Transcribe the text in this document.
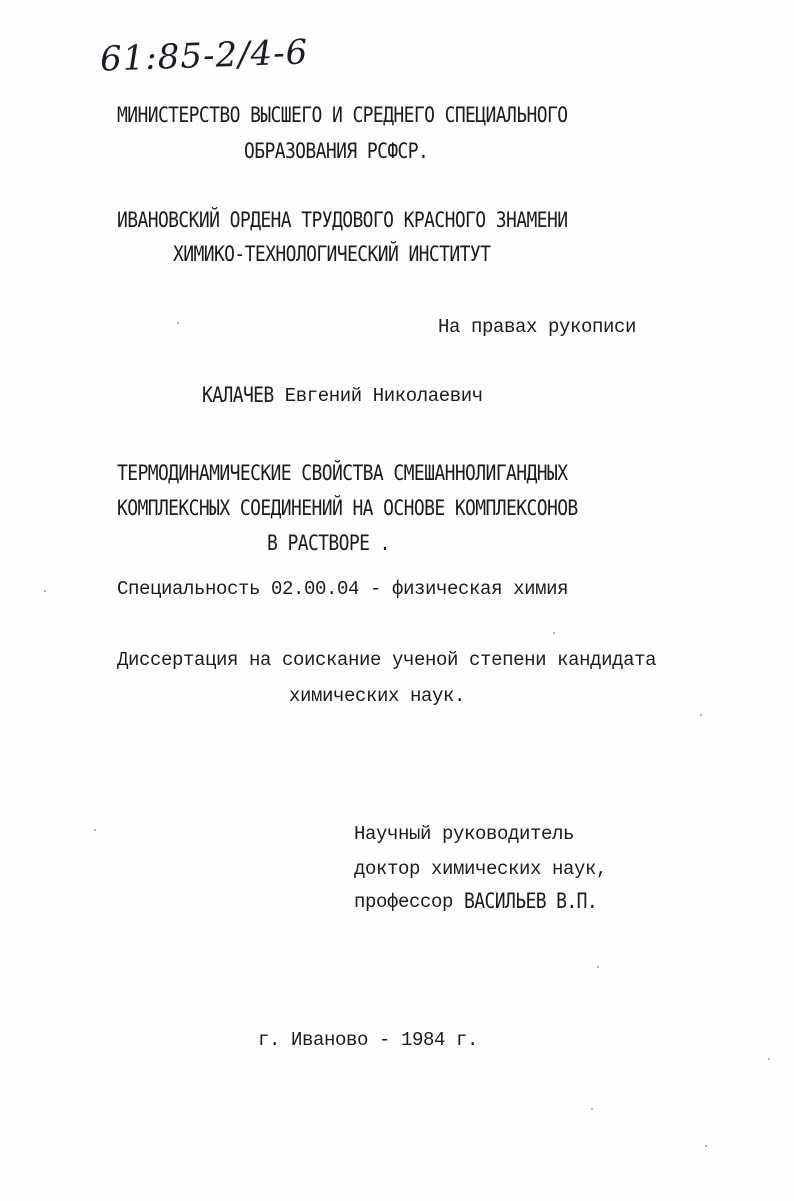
61:85-2/4-6
МИНИСТЕРСТВО ВЫСШЕГО И СРЕДНЕГО СПЕЦИАЛЬНОГО
ОБРАЗОВАНИЯ РСФСР.
ИВАНОВСКИЙ ОРДЕНА ТРУДОВОГО КРАСНОГО ЗНАМЕНИ
ХИМИКО-ТЕХНОЛОГИЧЕСКИЙ ИНСТИТУТ
На правах рукописи
КАЛАЧЕВ Евгений Николаевич
ТЕРМОДИНАМИЧЕСКИЕ СВОЙСТВА СМЕШАННОЛИГАНДНЫХ
КОМПЛЕКСНЫХ СОЕДИНЕНИЙ НА ОСНОВЕ КОМПЛЕКСОНОВ
В РАСТВОРЕ .
Специальность 02.00.04 - физическая химия
Диссертация на соискание ученой степени кандидата
химических наук.
Научный руководитель
доктор химических наук,
профессор ВАСИЛЬЕВ В.П.
г. Иваново - 1984 г.
